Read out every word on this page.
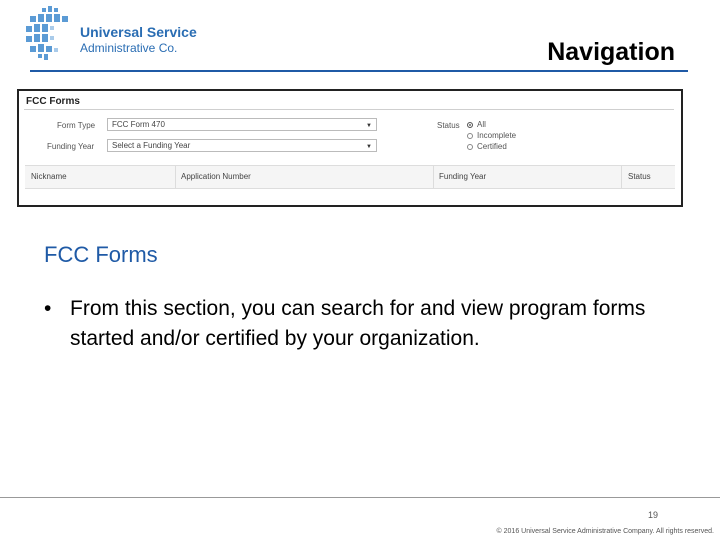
Universal Service
Administrative Co.	Navigation
FCC Forms
Form Type	FCC Form 470	▼
Funding Year	Select a Funding Year	▼
Status All
Incomplete
Certified
Nickname	Application Number	Funding Year	Status
FCC Forms
• From this section, you can search for and view program forms started and/or certified by your organization.
19
© 2016 Universal Service Administrative Company. All rights reserved.
